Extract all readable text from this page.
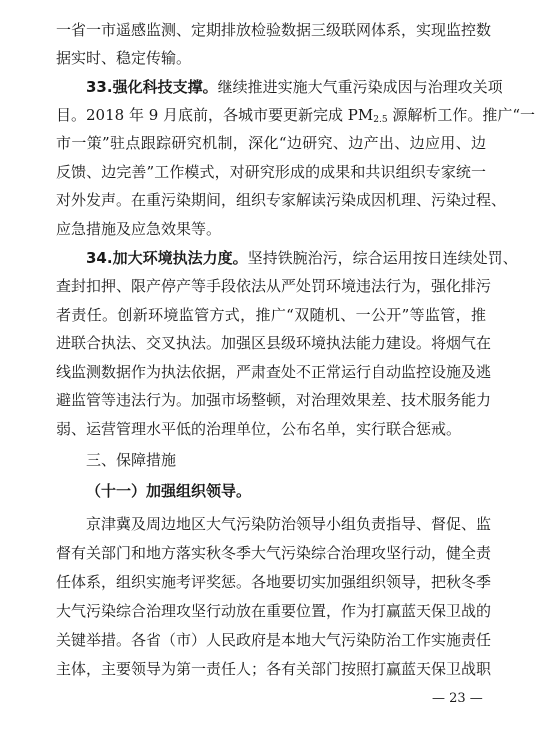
一省一市遥感监测、定期排放检验数据三级联网体系，实现监控数
据实时、稳定传输。
33.强化科技支撑。继续推进实施大气重污染成因与治理攻关项
目。2018 年 9 月底前，各城市要更新完成 $PM_{2.5}$ 源解析工作。推广“一
市一策”驻点跟踪研究机制，深化“边研究、边产出、边应用、边
反馈、边完善”工作模式，对研究形成的成果和共识组织专家统一
对外发声。在重污染期间，组织专家解读污染成因机理、污染过程、
应急措施及应急效果等。
34.加大环境执法力度。坚持铁腕治污，综合运用按日连续处罚、
查封扣押、限产停产等手段依法从严处罚环境违法行为，强化排污
者责任。创新环境监管方式，推广“双随机、一公开”等监管，推
进联合执法、交叉执法。加强区县级环境执法能力建设。将烟气在
线监测数据作为执法依据，严肃查处不正常运行自动监控设施及逃
避监管等违法行为。加强市场整顿，对治理效果差、技术服务能力
弱、运营管理水平低的治理单位，公布名单，实行联合惩戒。
三、保障措施
（十一）加强组织领导。
京津冀及周边地区大气污染防治领导小组负责指导、督促、监
督有关部门和地方落实秋冬季大气污染综合治理攻坚行动，健全责
任体系，组织实施考评奖惩。各地要切实加强组织领导，把秋冬季
大气污染综合治理攻坚行动放在重要位置，作为打赢蓝天保卫战的
关键举措。各省（市）人民政府是本地大气污染防治工作实施责任
主体，主要领导为第一责任人；各有关部门按照打赢蓝天保卫战职
— 23 —
